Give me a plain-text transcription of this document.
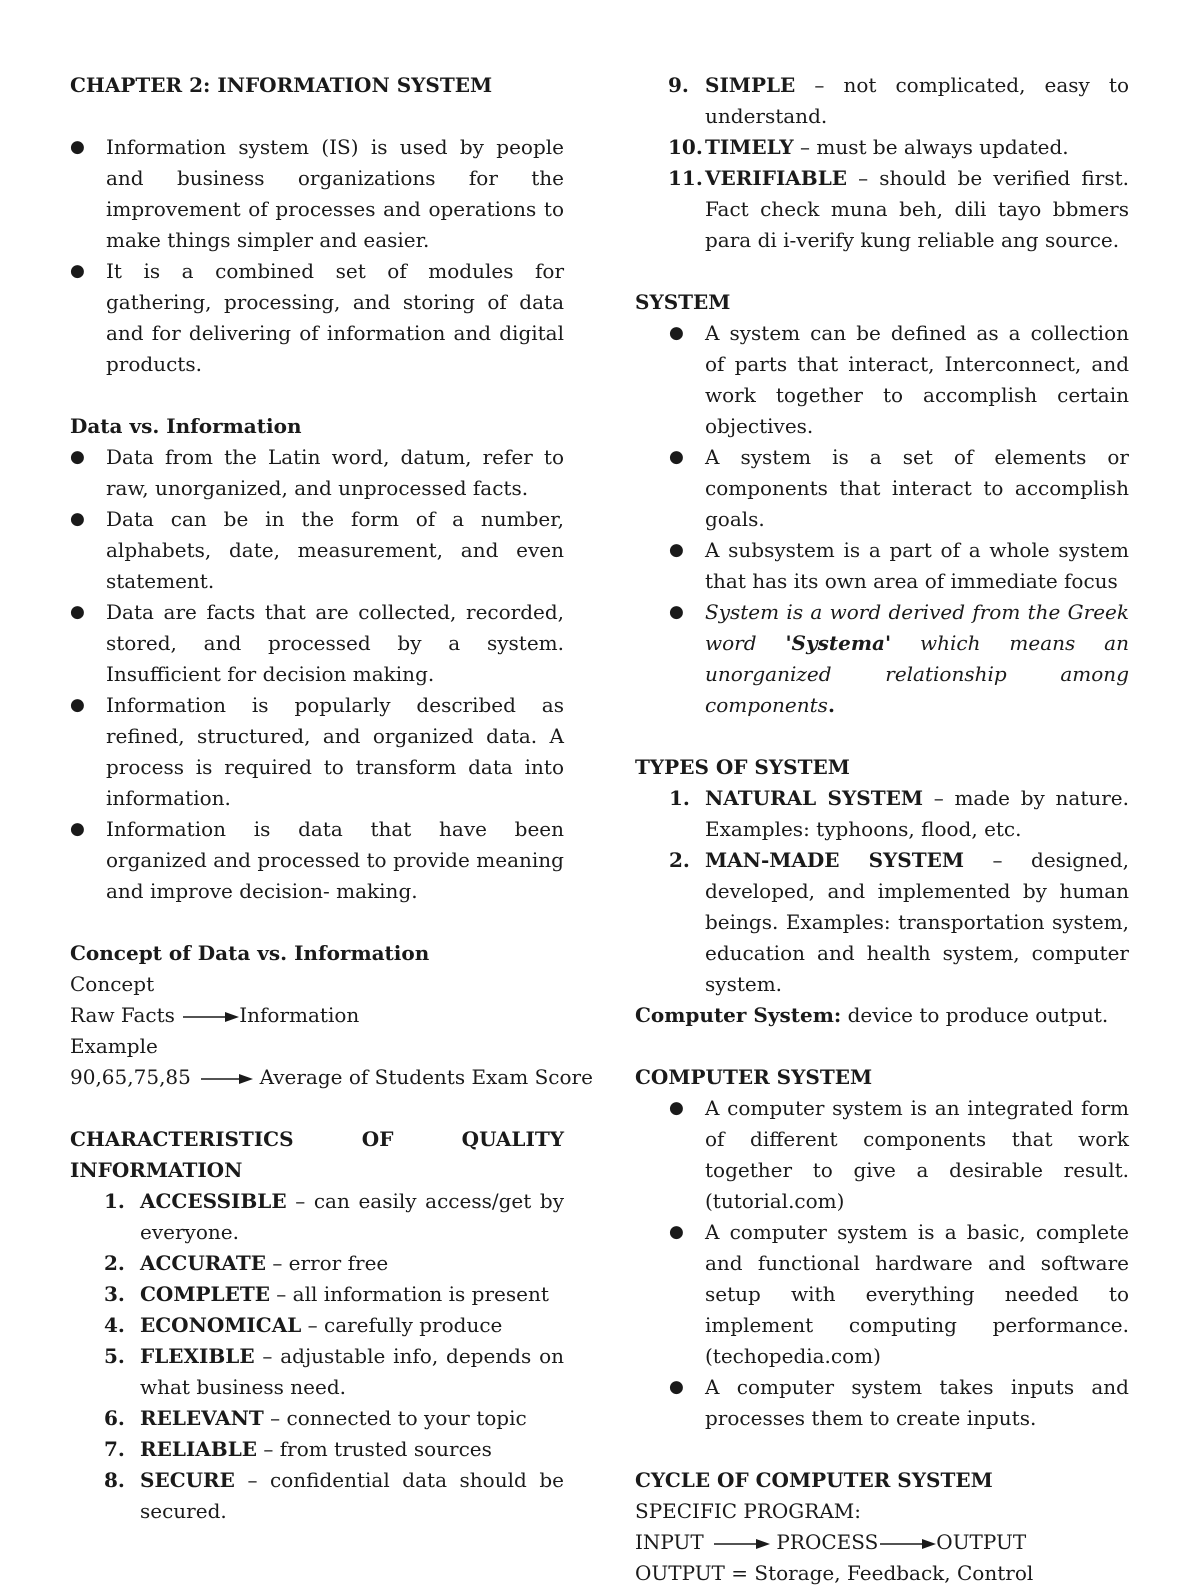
CHAPTER 2: INFORMATION SYSTEM

● Information system (IS) is used by people and business organizations for the improvement of processes and operations to make things simpler and easier.
● It is a combined set of modules for gathering, processing, and storing of data and for delivering of information and digital products.

Data vs. Information

● Data from the Latin word, datum, refer to raw, unorganized, and unprocessed facts.
● Data can be in the form of a number, alphabets, date, measurement, and even statement.
● Data are facts that are collected, recorded, stored, and processed by a system. Insufficient for decision making.
● Information is popularly described as refined, structured, and organized data. A process is required to transform data into information.
● Information is data that have been organized and processed to provide meaning and improve decision- making.

Concept of Data vs. Information

Concept

Raw Facts	Information

Example

90,65,75,85	Average of Students Exam Score

CHARACTERISTICS	OF	QUALITY

INFORMATION

1. ACCESSIBLE – can easily access/get by everyone.
2. ACCURATE – error free
3. COMPLETE – all information is present
4. ECONOMICAL – carefully produce
5. FLEXIBLE – adjustable info, depends on what business need.
6. RELEVANT – connected to your topic
7. RELIABLE – from trusted sources
8. SECURE – confidential data should be secured.
9. SIMPLE – not complicated, easy to understand.
10. TIMELY – must be always updated.
11. VERIFIABLE – should be verified first. Fact check muna beh, dili tayo bbmers para di i-verify kung reliable ang source.

SYSTEM

● A system can be defined as a collection of parts that interact, Interconnect, and work together to accomplish certain objectives.
● A system is a set of elements or components that interact to accomplish goals.
● A subsystem is a part of a whole system that has its own area of immediate focus
● System is a word derived from the Greek word 'Systema' which means an unorganized relationship among components.

TYPES OF SYSTEM

1. NATURAL SYSTEM – made by nature. Examples: typhoons, flood, etc.
2. MAN-MADE SYSTEM – designed, developed, and implemented by human beings. Examples: transportation system, education and health system, computer system.

Computer System: device to produce output.

COMPUTER SYSTEM

● A computer system is an integrated form of different components that work together to give a desirable result. (tutorial.com)
● A computer system is a basic, complete and functional hardware and software setup with everything needed to implement computing performance. (techopedia.com)
● A computer system takes inputs and processes them to create inputs.

CYCLE OF COMPUTER SYSTEM

SPECIFIC PROGRAM:

INPUT	PROCESS	OUTPUT

OUTPUT = Storage, Feedback, Control
